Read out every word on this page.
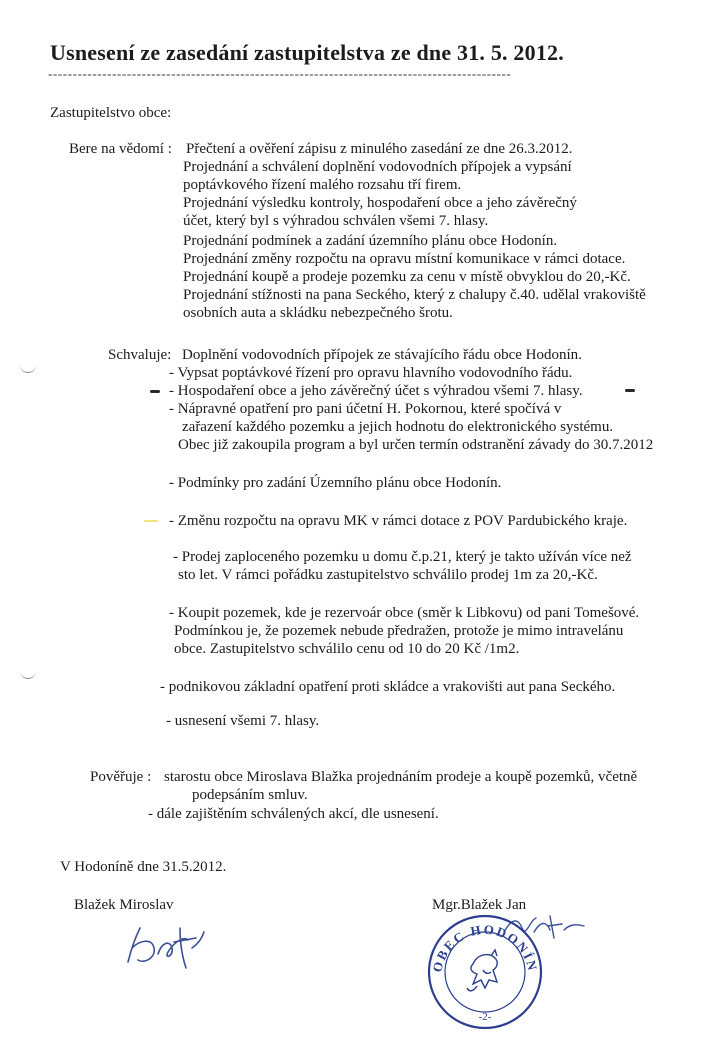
Usnesení ze zasedání zastupitelstva ze dne 31. 5. 2012.
----------------------------------------------------------------------------------------------
Zastupitelstvo obce:
Bere na vědomí : Přečtení a ověření zápisu z minulého zasedání ze dne 26.3.2012.
Projednání a schválení doplnění vodovodních přípojek a vypsání
poptávkového řízení malého rozsahu tří firem.
Projednání výsledku kontroly, hospodaření obce a jeho závěrečný
účet, který byl s výhradou schválen všemi 7. hlasy.
Projednání podmínek a zadání územního plánu obce Hodonín.
Projednání změny rozpočtu na opravu místní komunikace v rámci dotace.
Projednání koupě a prodeje pozemku za cenu v místě obvyklou do 20,-Kč.
Projednání stížnosti na pana Seckého, který z chalupy č.40. udělal vrakoviště
osobních auta a skládku nebezpečného šrotu.
Schvaluje: Doplnění vodovodních přípojek ze stávajícího řádu obce Hodonín.
- Vypsat poptávkové řízení pro opravu hlavního vodovodního řádu.
- Hospodaření obce a jeho závěrečný účet s výhradou všemi 7. hlasy.
- Nápravné opatření pro pani účetní H. Pokornou, které spočívá v
zařazení každého pozemku a jejich hodnotu do elektronického systému.
Obec již zakoupila program a byl určen termín odstranění závady do 30.7.2012
- Podmínky pro zadání Územního plánu obce Hodonín.
- Změnu rozpočtu na opravu MK v rámci dotace z POV Pardubického kraje.
- Prodej zaploceného pozemku u domu č.p.21, který je takto užíván více než
sto let. V rámci pořádku zastupitelstvo schválilo prodej 1m za 20,-Kč.
- Koupit pozemek, kde je rezervoár obce (směr k Libkovu) od pani Tomešové.
Podmínkou je, že pozemek nebude předražen, protože je mimo intravelánu
obce. Zastupitelstvo schválilo cenu od 10 do 20 Kč /1m2.
- podnikovou základní opatření proti skládce a vrakovišti aut pana Seckého.
- usnesení všemi 7. hlasy.
Pověřuje : starostu obce Miroslava Blažka projednáním prodeje a koupě pozemků, včetně
podepsáním smluv.
- dále zajištěním schválených akcí, dle usnesení.
V Hodoníně dne 31.5.2012.
Blažek Miroslav	Mgr.Blažek Jan
OBEC HODONÍN
-2-
